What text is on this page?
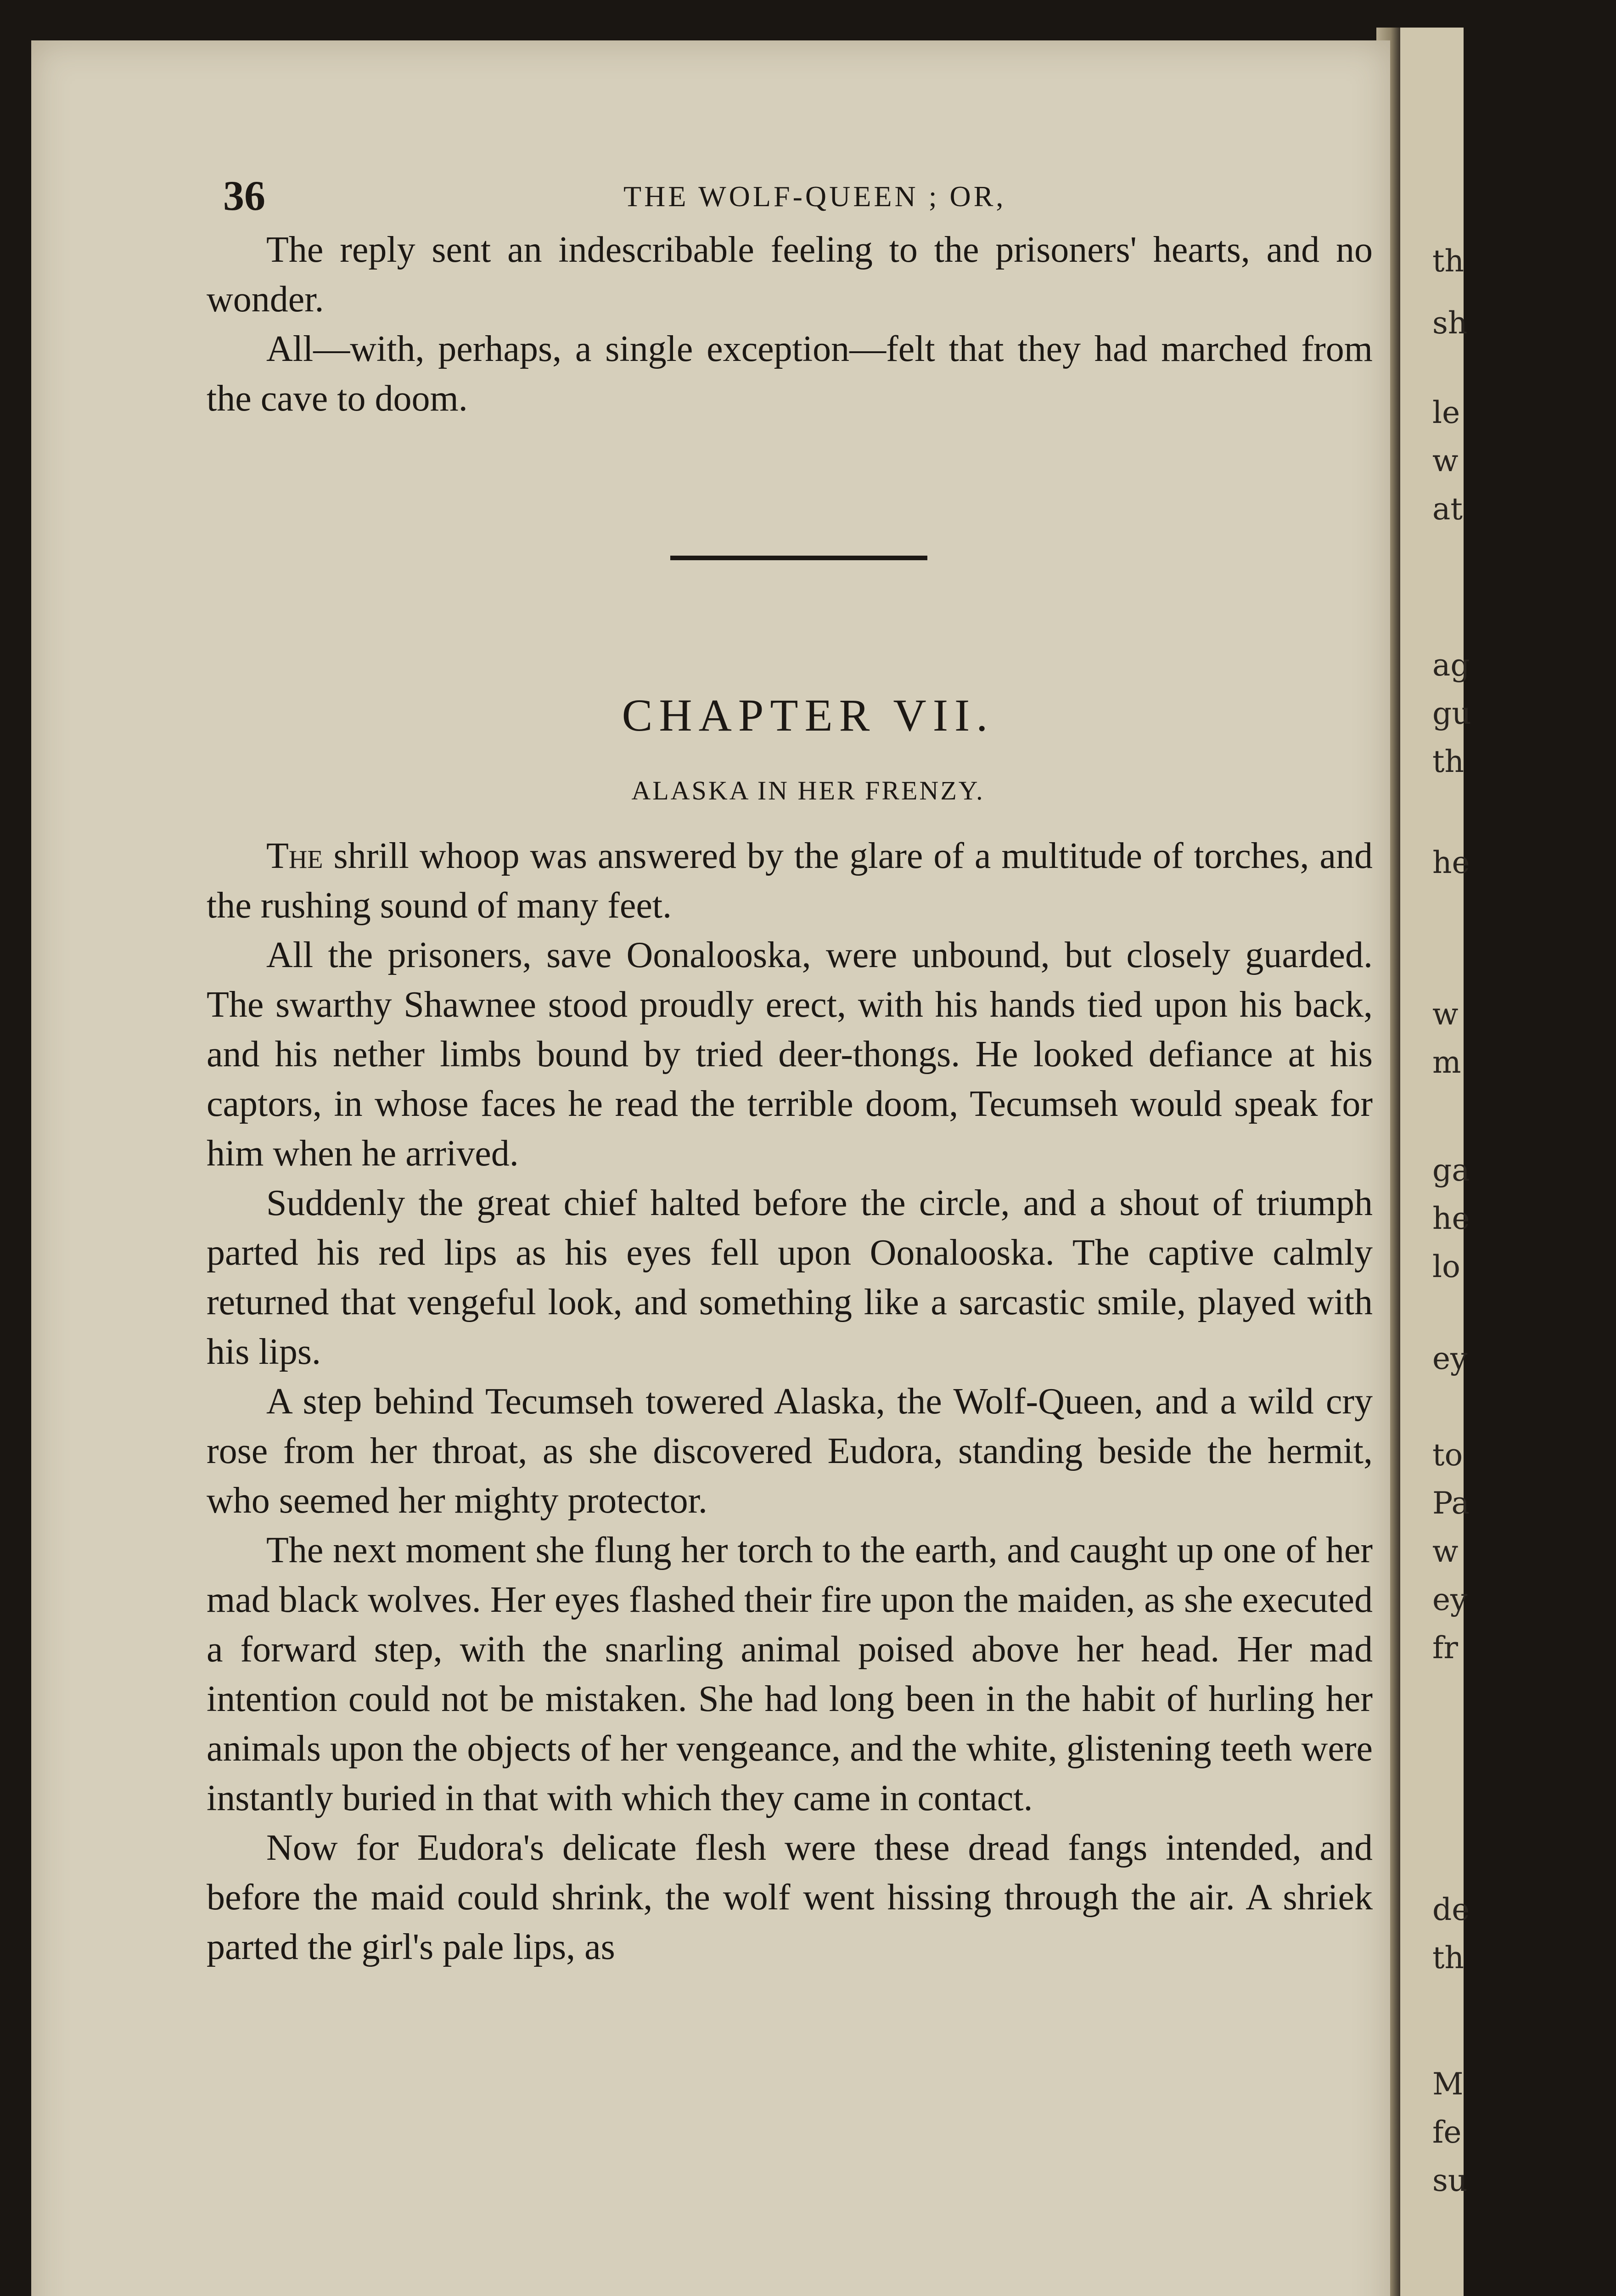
th
sh
le
w
at
ag
gu
th
he
w
m
ga
he
lo
ey
to
Pa
w
ey
fr
de
th
M
fe
su
36	THE WOLF-QUEEN ; OR,

The reply sent an indescribable feeling to the prisoners' hearts, and no wonder.

All—with, perhaps, a single exception—felt that they had marched from the cave to doom.

CHAPTER VII.
ALASKA IN HER FRENZY.

The shrill whoop was answered by the glare of a multitude of torches, and the rushing sound of many feet.

All the prisoners, save Oonalooska, were unbound, but closely guarded. The swarthy Shawnee stood proudly erect, with his hands tied upon his back, and his nether limbs bound by tried deer-thongs. He looked defiance at his captors, in whose faces he read the terrible doom, Tecumseh would speak for him when he arrived.

Suddenly the great chief halted before the circle, and a shout of triumph parted his red lips as his eyes fell upon Oonalooska. The captive calmly returned that vengeful look, and something like a sarcastic smile, played with his lips.

A step behind Tecumseh towered Alaska, the Wolf-Queen, and a wild cry rose from her throat, as she discovered Eudora, standing beside the hermit, who seemed her mighty protector.

The next moment she flung her torch to the earth, and caught up one of her mad black wolves. Her eyes flashed their fire upon the maiden, as she executed a forward step, with the snarling animal poised above her head. Her mad intention could not be mistaken. She had long been in the habit of hurling her animals upon the objects of her vengeance, and the white, glistening teeth were instantly buried in that with which they came in contact.

Now for Eudora's delicate flesh were these dread fangs intended, and before the maid could shrink, the wolf went hissing through the air. A shriek parted the girl's pale lips, as
